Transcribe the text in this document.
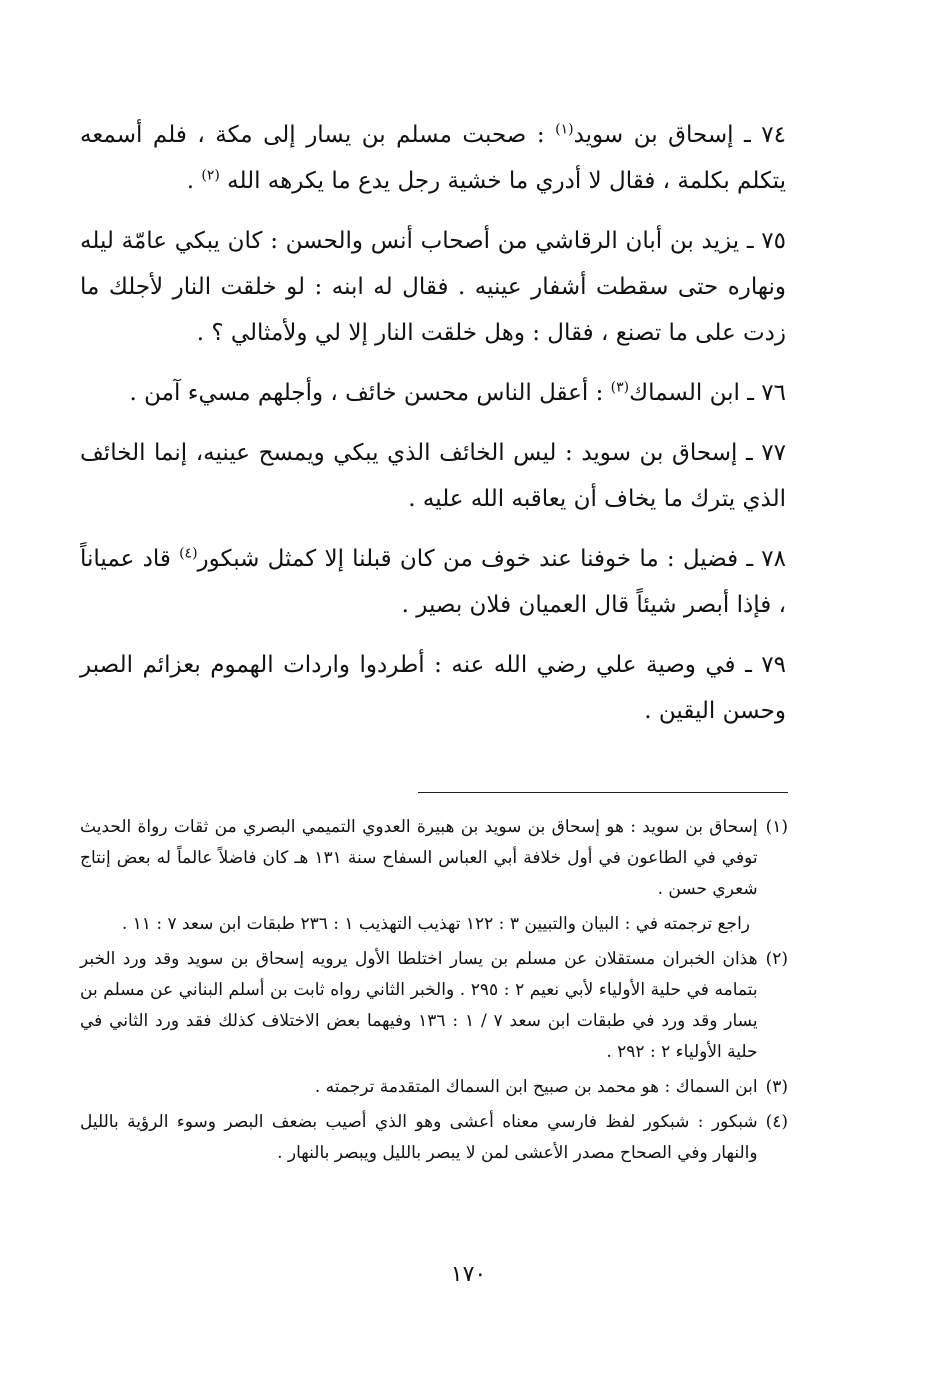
٧٤ ـ إسحاق بن سويد$^{(١)}$ : صحبت مسلم بن يسار إلى مكة ، فلم أسمعه يتكلم بكلمة ، فقال لا أدري ما خشية رجل يدع ما يكرهه الله $^{(٢)}$ .

٧٥ ـ يزيد بن أبان الرقاشي من أصحاب أنس والحسن : كان يبكي عامّة ليله ونهاره حتى سقطت أشفار عينيه . فقال له ابنه : لو خلقت النار لأجلك ما زدت على ما تصنع ، فقال : وهل خلقت النار إلا لي ولأمثالي ؟ .

٧٦ ـ ابن السماك$^{(٣)}$ : أعقل الناس محسن خائف ، وأجلهم مسيء آمن .

٧٧ ـ إسحاق بن سويد : ليس الخائف الذي يبكي ويمسح عينيه، إنما الخائف الذي يترك ما يخاف أن يعاقبه الله عليه .

٧٨ ـ فضيل : ما خوفنا عند خوف من كان قبلنا إلا كمثل شبكور$^{(٤)}$ قاد عمياناً ، فإذا أبصر شيئاً قال العميان فلان بصير .

٧٩ ـ في وصية علي رضي الله عنه : أطردوا واردات الهموم بعزائم الصبر وحسن اليقين .

(١)
إسحاق بن سويد : هو إسحاق بن سويد بن هبيرة العدوي التميمي البصري من ثقات رواة الحديث توفي في الطاعون في أول خلافة أبي العباس السفاح سنة ١٣١ هـ كان فاضلاً عالماً له بعض إنتاج شعري حسن .
راجع ترجمته في : البيان والتبيين ٣ : ١٢٢ تهذيب التهذيب ١ : ٢٣٦ طبقات ابن سعد ٧ : ١١ .
(٢)
هذان الخبران مستقلان عن مسلم بن يسار اختلطا الأول يرويه إسحاق بن سويد وقد ورد الخبر بتمامه في حلية الأولياء لأبي نعيم ٢ : ٢٩٥ . والخبر الثاني رواه ثابت بن أسلم البناني عن مسلم بن يسار وقد ورد في طبقات ابن سعد ٧ / ١ : ١٣٦ وفيهما بعض الاختلاف كذلك فقد ورد الثاني في حلية الأولياء ٢ : ٢٩٢ .
(٣)
ابن السماك : هو محمد بن صبيح ابن السماك المتقدمة ترجمته .
(٤)
شبكور : شبكور لفظ فارسي معناه أعشى وهو الذي أصيب بضعف البصر وسوء الرؤية بالليل والنهار وفي الصحاح مصدر الأعشى لمن لا يبصر بالليل ويبصر بالنهار .
١٧٠
